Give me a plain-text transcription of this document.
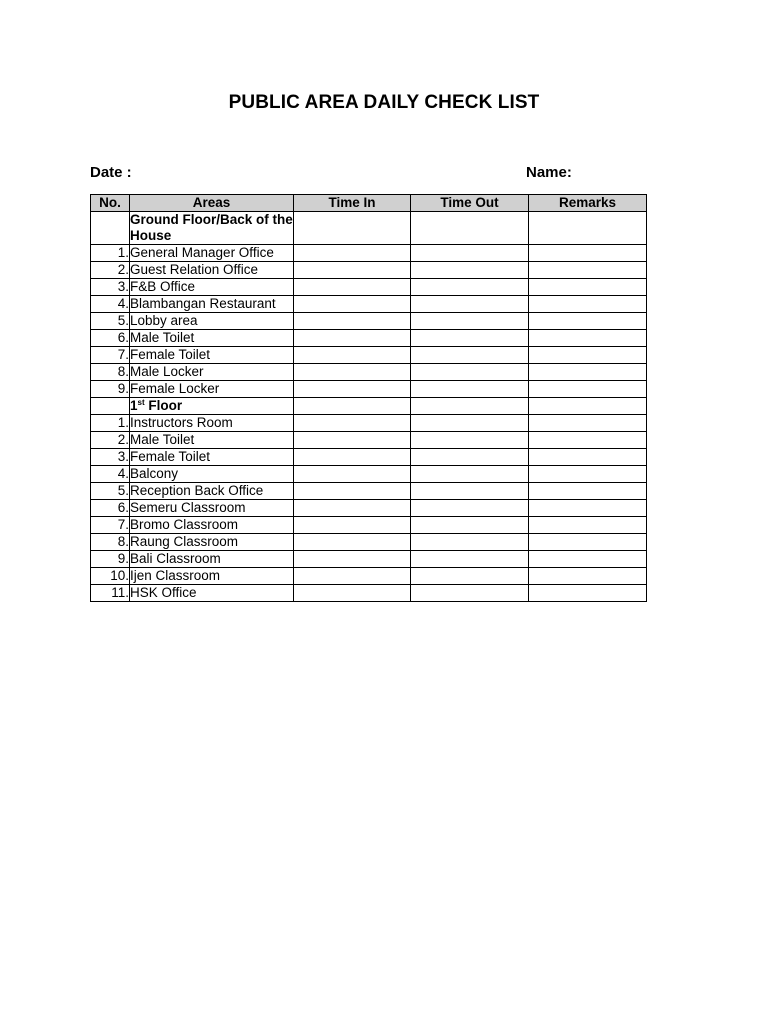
PUBLIC AREA DAILY CHECK LIST
Date :	Name:
No.	Areas	Time In	Time Out	Remarks
	Ground Floor/Back of the House			
1.	General Manager Office			
2.	Guest Relation Office			
3.	F&B Office			
4.	Blambangan Restaurant			
5.	Lobby area			
6.	Male Toilet			
7.	Female Toilet			
8.	Male Locker			
9.	Female Locker			
	1st Floor			
1.	Instructors Room			
2.	Male Toilet			
3.	Female Toilet			
4.	Balcony			
5.	Reception Back Office			
6.	Semeru Classroom			
7.	Bromo Classroom			
8.	Raung Classroom			
9.	Bali Classroom			
10.	Ijen Classroom			
11.	HSK Office			
